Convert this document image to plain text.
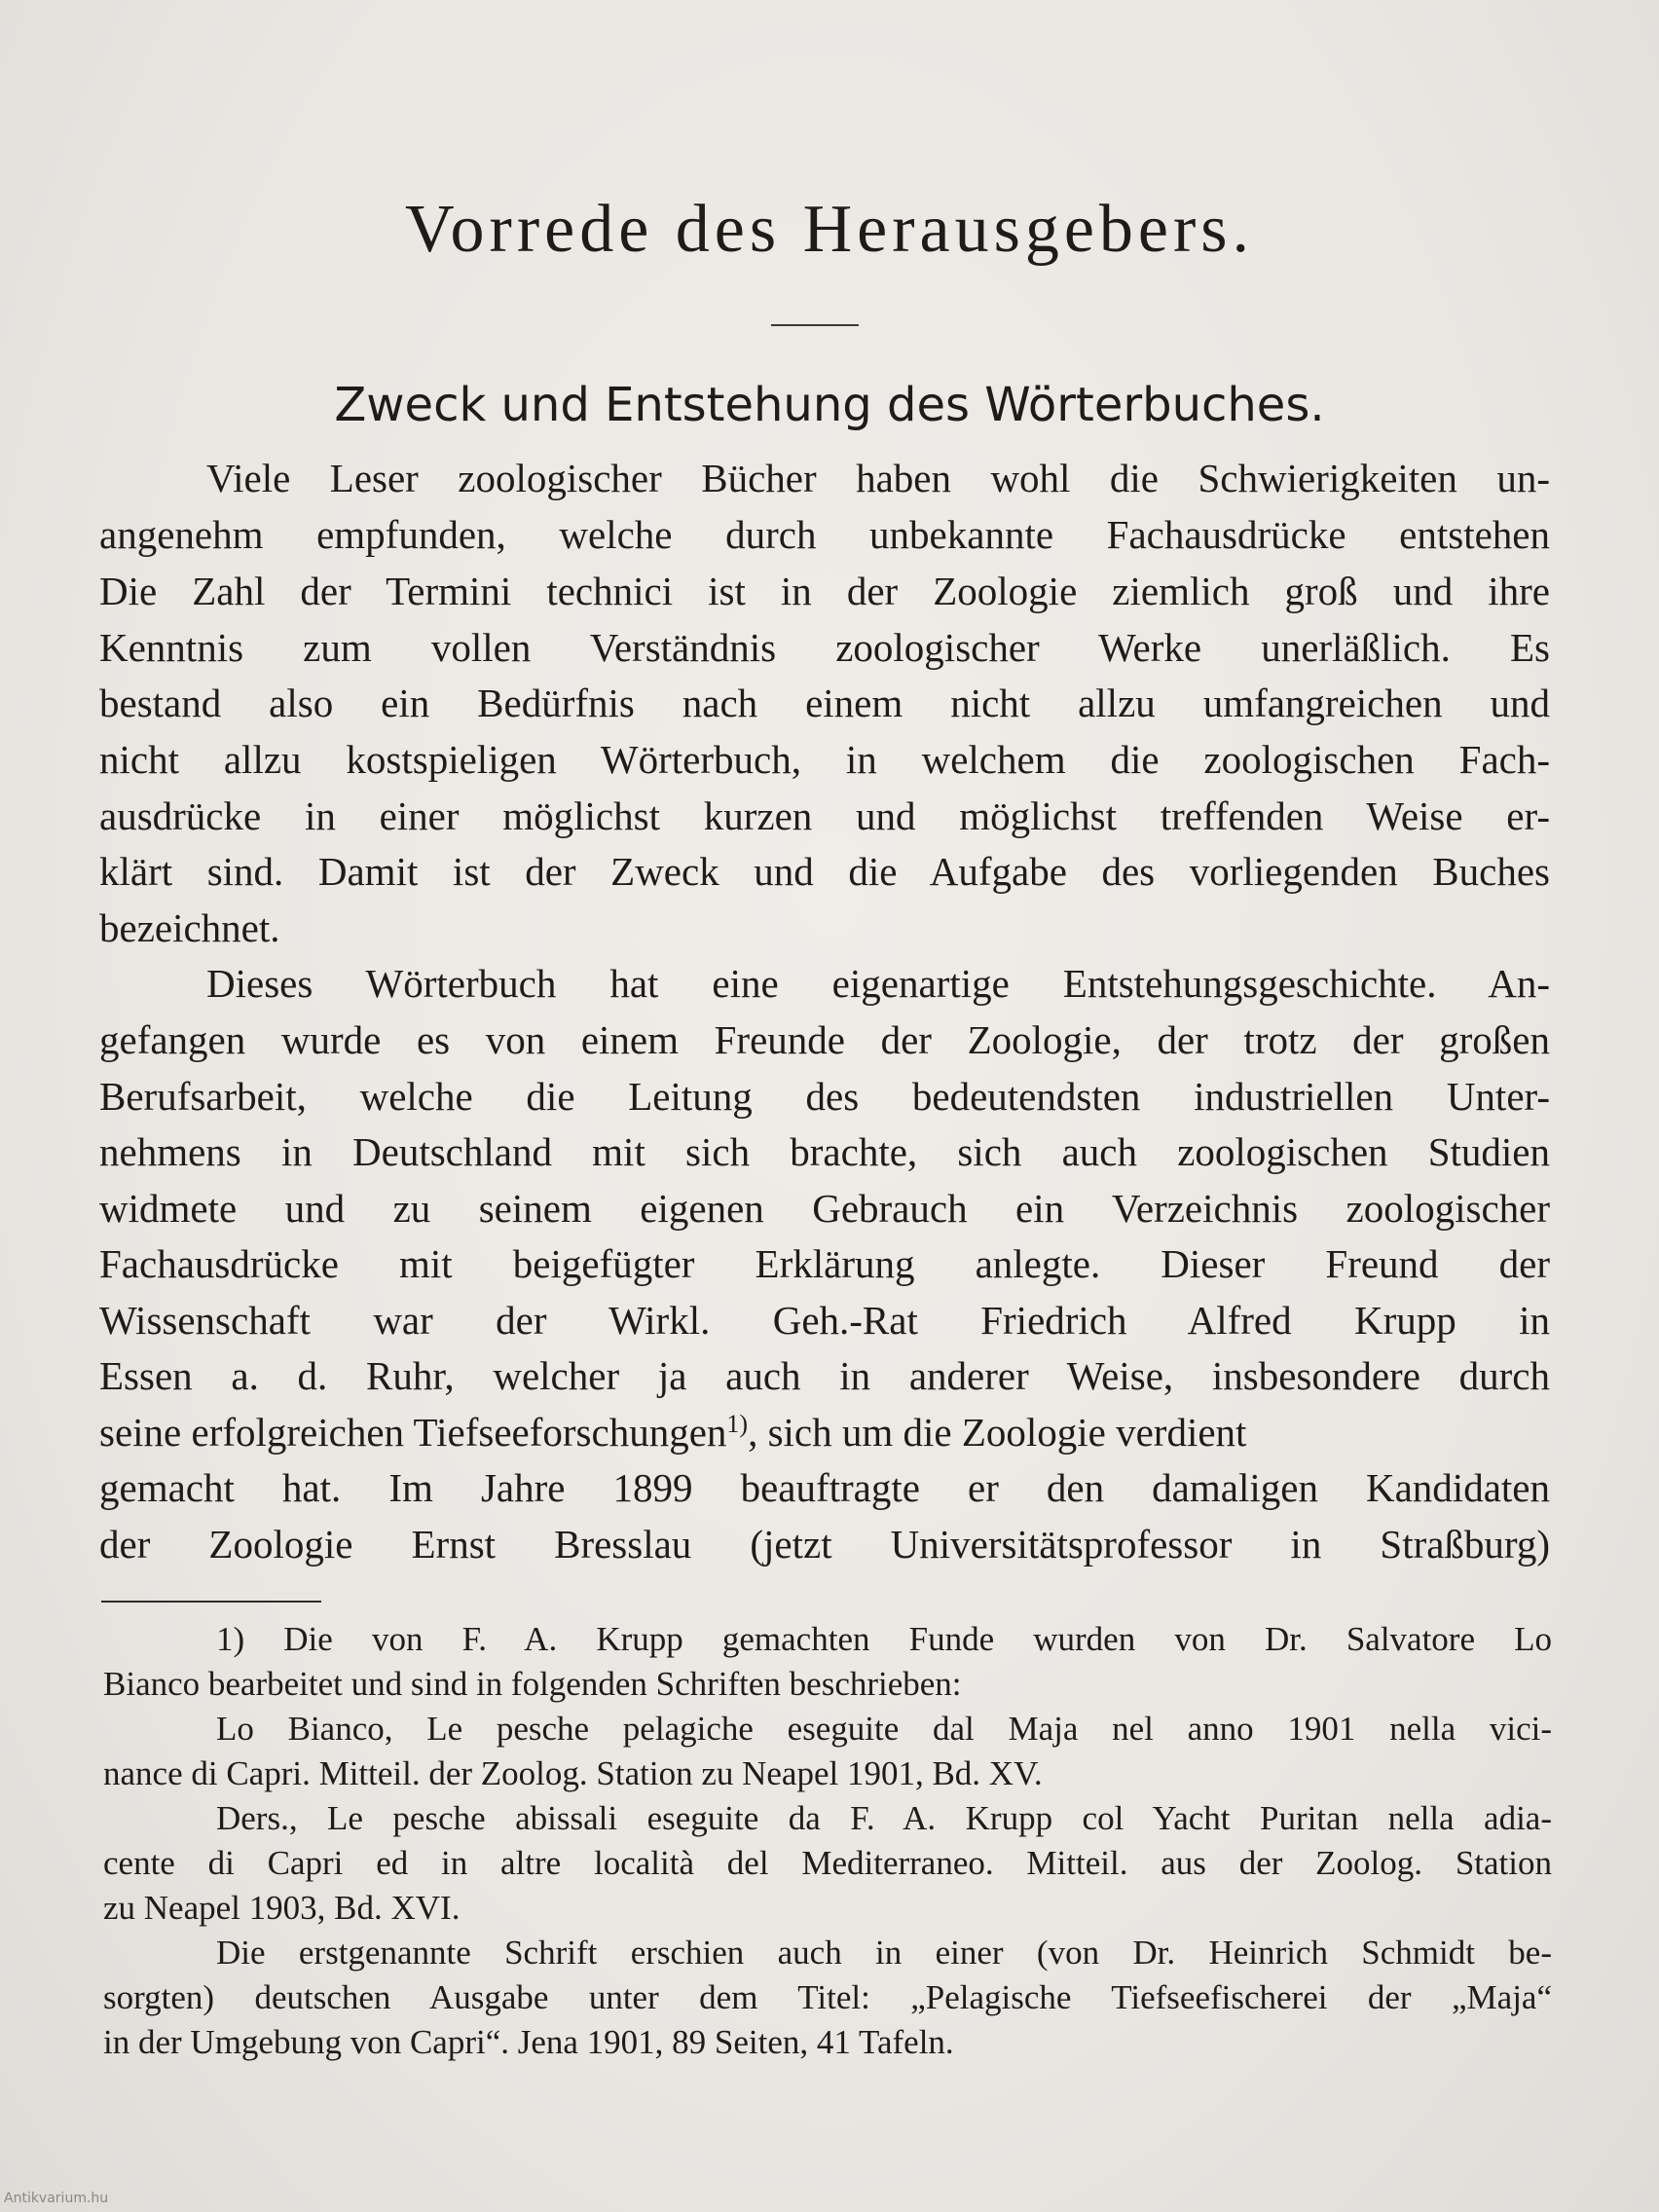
Vorrede des Herausgebers.
Zweck und Entstehung des Wörterbuches.
Viele Leser zoologischer Bücher haben wohl die Schwierigkeiten un-
angenehm empfunden, welche durch unbekannte Fachausdrücke entstehen
Die Zahl der Termini technici ist in der Zoologie ziemlich groß und ihre
Kenntnis zum vollen Verständnis zoologischer Werke unerläßlich. Es
bestand also ein Bedürfnis nach einem nicht allzu umfangreichen und
nicht allzu kostspieligen Wörterbuch, in welchem die zoologischen Fach-
ausdrücke in einer möglichst kurzen und möglichst treffenden Weise er-
klärt sind. Damit ist der Zweck und die Aufgabe des vorliegenden Buches
bezeichnet.
Dieses Wörterbuch hat eine eigenartige Entstehungsgeschichte. An-
gefangen wurde es von einem Freunde der Zoologie, der trotz der großen
Berufsarbeit, welche die Leitung des bedeutendsten industriellen Unter-
nehmens in Deutschland mit sich brachte, sich auch zoologischen Studien
widmete und zu seinem eigenen Gebrauch ein Verzeichnis zoologischer
Fachausdrücke mit beigefügter Erklärung anlegte. Dieser Freund der
Wissenschaft war der Wirkl. Geh.-Rat Friedrich Alfred Krupp in
Essen a. d. Ruhr, welcher ja auch in anderer Weise, insbesondere durch
seine erfolgreichen Tiefseeforschungen$^{1)}$, sich um die Zoologie verdient
gemacht hat. Im Jahre 1899 beauftragte er den damaligen Kandidaten
der Zoologie Ernst Bresslau (jetzt Universitätsprofessor in Straßburg)
1) Die von F. A. Krupp gemachten Funde wurden von Dr. Salvatore Lo
Bianco bearbeitet und sind in folgenden Schriften beschrieben:
Lo Bianco, Le pesche pelagiche eseguite dal Maja nel anno 1901 nella vici-
nance di Capri. Mitteil. der Zoolog. Station zu Neapel 1901, Bd. XV.
Ders., Le pesche abissali eseguite da F. A. Krupp col Yacht Puritan nella adia-
cente di Capri ed in altre località del Mediterraneo. Mitteil. aus der Zoolog. Station
zu Neapel 1903, Bd. XVI.
Die erstgenannte Schrift erschien auch in einer (von Dr. Heinrich Schmidt be-
sorgten) deutschen Ausgabe unter dem Titel: „Pelagische Tiefseefischerei der „Maja“
in der Umgebung von Capri“. Jena 1901, 89 Seiten, 41 Tafeln.
Antikvarium.hu
